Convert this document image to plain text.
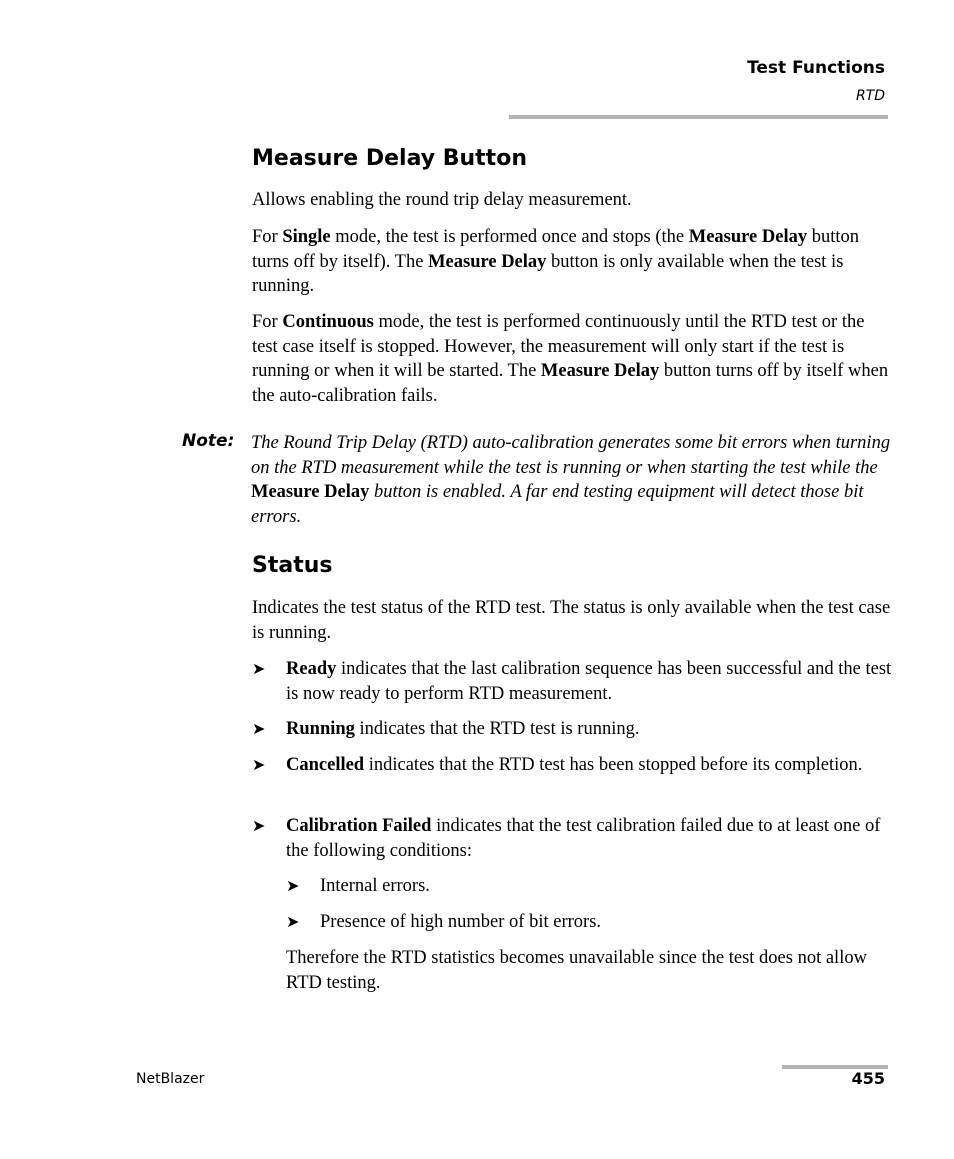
Test Functions
RTD
Measure Delay Button
Allows enabling the round trip delay measurement.
For Single mode, the test is performed once and stops (the Measure Delay button turns off by itself). The Measure Delay button is only available when the test is running.
For Continuous mode, the test is performed continuously until the RTD test or the test case itself is stopped. However, the measurement will only start if the test is running or when it will be started. The Measure Delay button turns off by itself when the auto-calibration fails.
Note: The Round Trip Delay (RTD) auto-calibration generates some bit errors when turning on the RTD measurement while the test is running or when starting the test while the Measure Delay button is enabled. A far end testing equipment will detect those bit errors.
Status
Indicates the test status of the RTD test. The status is only available when the test case is running.
➤ Ready indicates that the last calibration sequence has been successful and the test is now ready to perform RTD measurement.
➤ Running indicates that the RTD test is running.
➤ Cancelled indicates that the RTD test has been stopped before its completion.
➤ Calibration Failed indicates that the test calibration failed due to at least one of the following conditions:
➤ Internal errors.
➤ Presence of high number of bit errors.
Therefore the RTD statistics becomes unavailable since the test does not allow RTD testing.
NetBlazer	455
